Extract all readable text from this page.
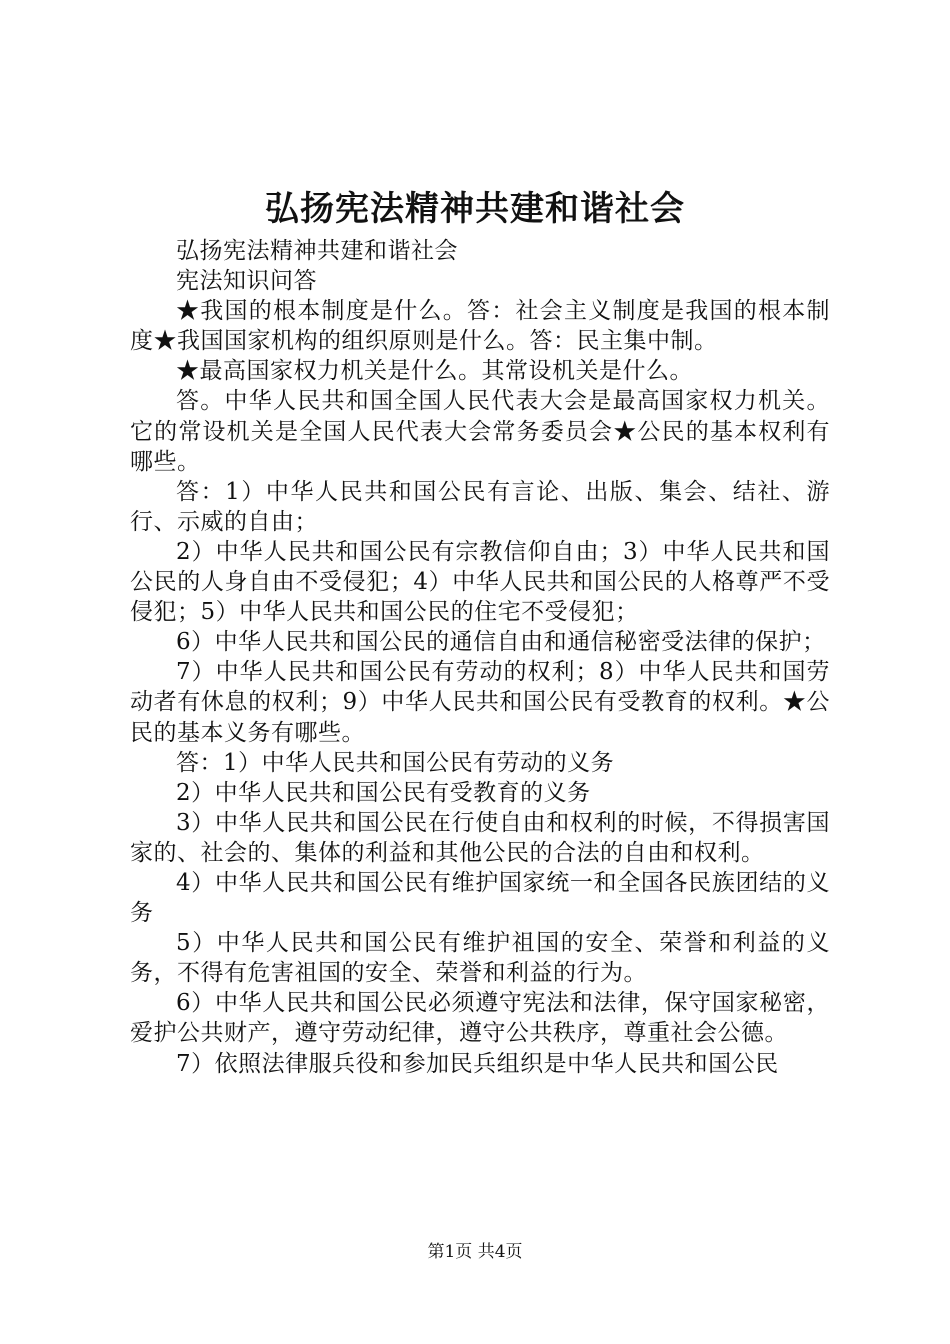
弘扬宪法精神共建和谐社会

弘扬宪法精神共建和谐社会

宪法知识问答

★我国的根本制度是什么。答：社会主义制度是我国的根本制度★我国国家机构的组织原则是什么。答：民主集中制。

★最高国家权力机关是什么。其常设机关是什么。

答。中华人民共和国全国人民代表大会是最高国家权力机关。它的常设机关是全国人民代表大会常务委员会★公民的基本权利有哪些。

答：1）中华人民共和国公民有言论、出版、集会、结社、游行、示威的自由；

2）中华人民共和国公民有宗教信仰自由；3）中华人民共和国公民的人身自由不受侵犯；4）中华人民共和国公民的人格尊严不受侵犯；5）中华人民共和国公民的住宅不受侵犯；

6）中华人民共和国公民的通信自由和通信秘密受法律的保护；

7）中华人民共和国公民有劳动的权利；8）中华人民共和国劳动者有休息的权利；9）中华人民共和国公民有受教育的权利。★公民的基本义务有哪些。

答：1）中华人民共和国公民有劳动的义务

2）中华人民共和国公民有受教育的义务

3）中华人民共和国公民在行使自由和权利的时候，不得损害国家的、社会的、集体的利益和其他公民的合法的自由和权利。

4）中华人民共和国公民有维护国家统一和全国各民族团结的义务

5）中华人民共和国公民有维护祖国的安全、荣誉和利益的义务，不得有危害祖国的安全、荣誉和利益的行为。

6）中华人民共和国公民必须遵守宪法和法律，保守国家秘密，爱护公共财产，遵守劳动纪律，遵守公共秩序，尊重社会公德。

7）依照法律服兵役和参加民兵组织是中华人民共和国公民

第1页 共4页
